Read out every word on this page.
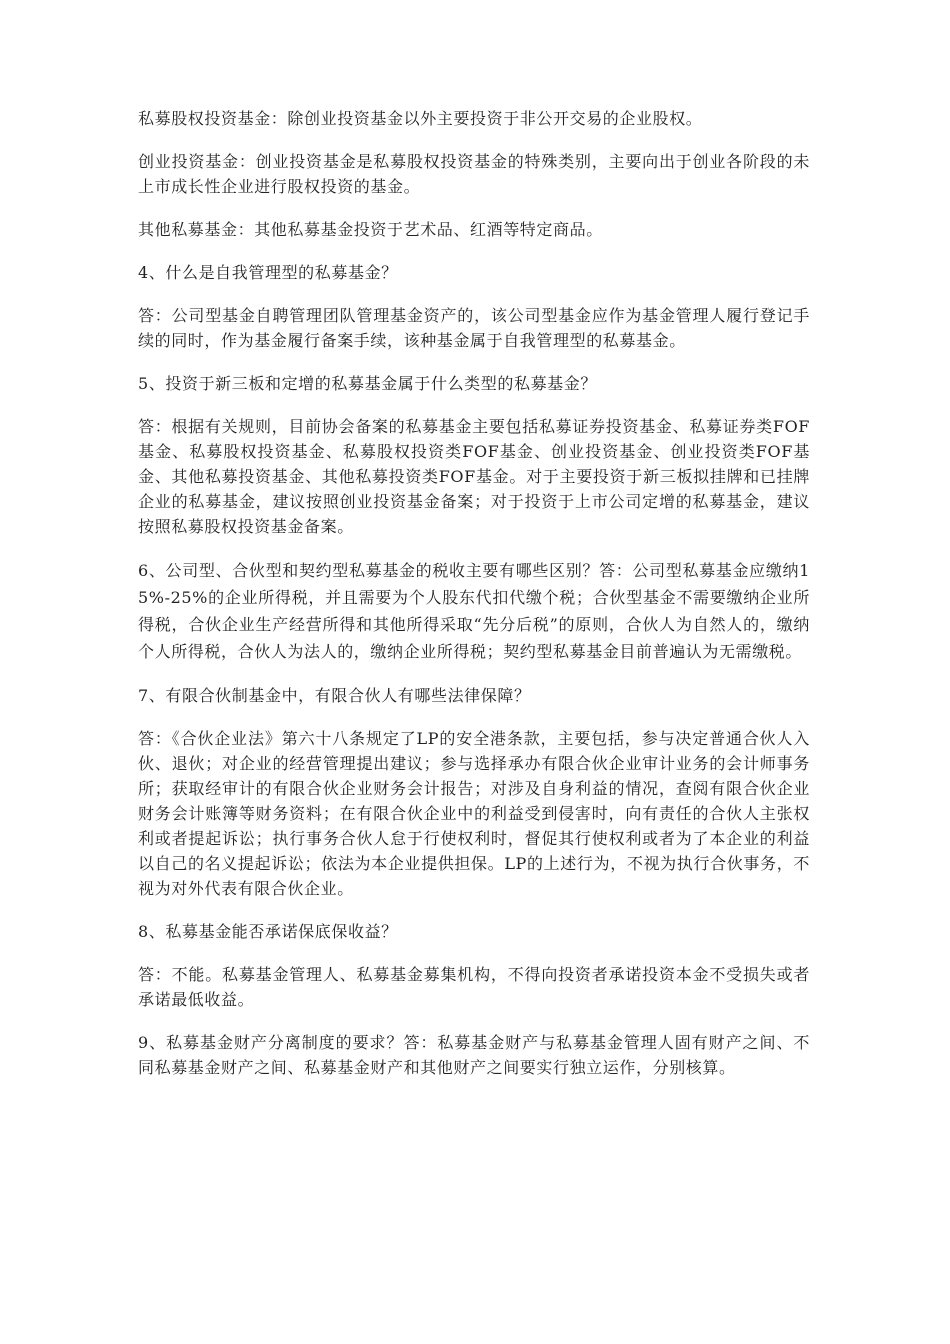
私募股权投资基金：除创业投资基金以外主要投资于非公开交易的企业股权。

创业投资基金：创业投资基金是私募股权投资基金的特殊类别，主要向出于创业各阶段的未上市成长性企业进行股权投资的基金。

其他私募基金：其他私募基金投资于艺术品、红酒等特定商品。

4、什么是自我管理型的私募基金？

答：公司型基金自聘管理团队管理基金资产的，该公司型基金应作为基金管理人履行登记手续的同时，作为基金履行备案手续，该种基金属于自我管理型的私募基金。

5、投资于新三板和定增的私募基金属于什么类型的私募基金？

答：根据有关规则，目前协会备案的私募基金主要包括私募证券投资基金、私募证券类FOF基金、私募股权投资基金、私募股权投资类FOF基金、创业投资基金、创业投资类FOF基金、其他私募投资基金、其他私募投资类FOF基金。对于主要投资于新三板拟挂牌和已挂牌企业的私募基金，建议按照创业投资基金备案；对于投资于上市公司定增的私募基金，建议按照私募股权投资基金备案。

6、公司型、合伙型和契约型私募基金的税收主要有哪些区别？答：公司型私募基金应缴纳15%-25%的企业所得税，并且需要为个人股东代扣代缴个税；合伙型基金不需要缴纳企业所得税，合伙企业生产经营所得和其他所得采取“先分后税”的原则，合伙人为自然人的，缴纳个人所得税，合伙人为法人的，缴纳企业所得税；契约型私募基金目前普遍认为无需缴税。

7、有限合伙制基金中，有限合伙人有哪些法律保障？

答：《合伙企业法》第六十八条规定了LP的安全港条款，主要包括，参与决定普通合伙人入伙、退伙；对企业的经营管理提出建议；参与选择承办有限合伙企业审计业务的会计师事务所；获取经审计的有限合伙企业财务会计报告；对涉及自身利益的情况，查阅有限合伙企业财务会计账簿等财务资料；在有限合伙企业中的利益受到侵害时，向有责任的合伙人主张权利或者提起诉讼；执行事务合伙人怠于行使权利时，督促其行使权利或者为了本企业的利益以自己的名义提起诉讼；依法为本企业提供担保。LP的上述行为，不视为执行合伙事务，不视为对外代表有限合伙企业。

8、私募基金能否承诺保底保收益？

答：不能。私募基金管理人、私募基金募集机构，不得向投资者承诺投资本金不受损失或者承诺最低收益。

9、私募基金财产分离制度的要求？答：私募基金财产与私募基金管理人固有财产之间、不同私募基金财产之间、私募基金财产和其他财产之间要实行独立运作，分别核算。
